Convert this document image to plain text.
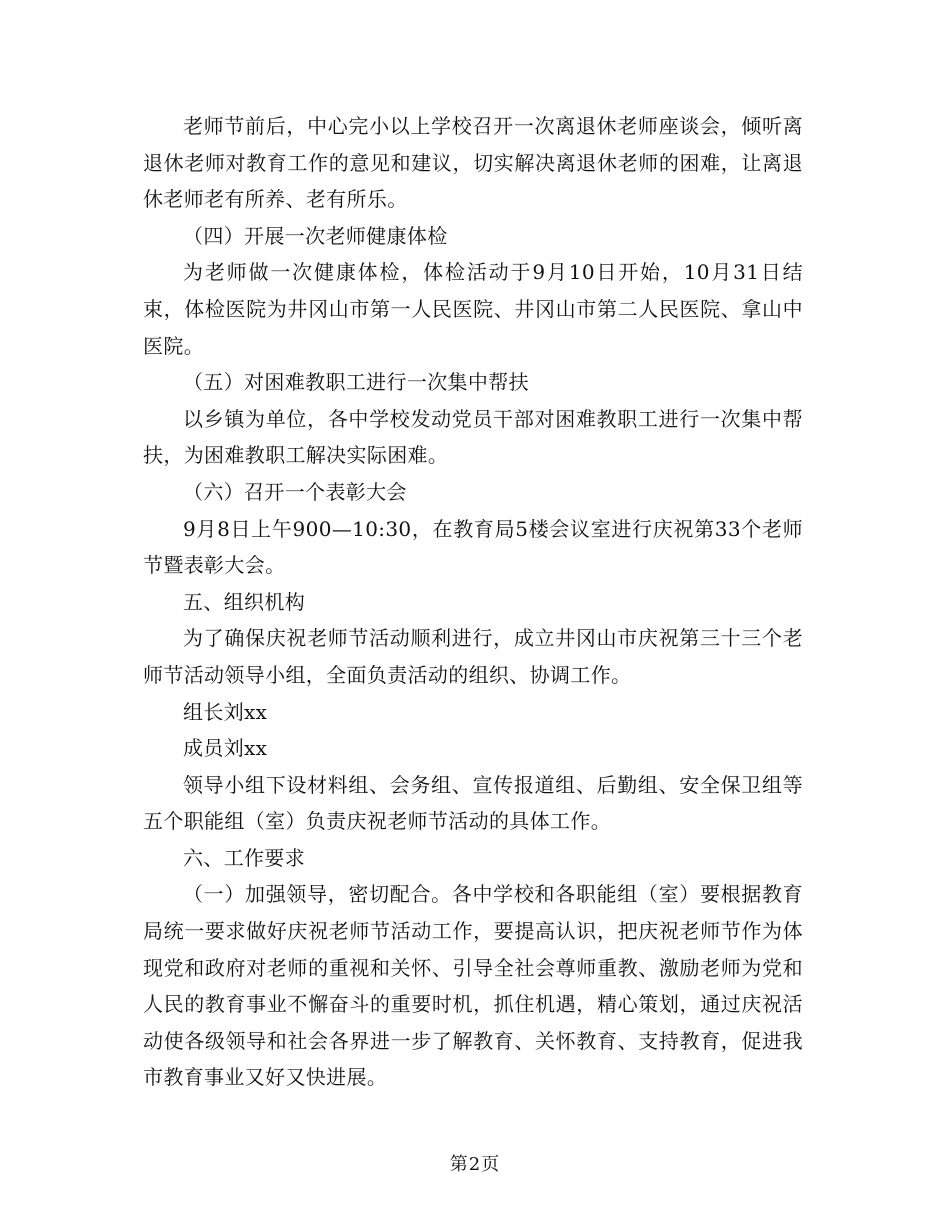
老师节前后，中心完小以上学校召开一次离退休老师座谈会，倾听离退休老师对教育工作的意见和建议，切实解决离退休老师的困难，让离退休老师老有所养、老有所乐。

（四）开展一次老师健康体检

为老师做一次健康体检，体检活动于9月10日开始，10月31日结束，体检医院为井冈山市第一人民医院、井冈山市第二人民医院、拿山中医院。

（五）对困难教职工进行一次集中帮扶

以乡镇为单位，各中学校发动党员干部对困难教职工进行一次集中帮扶，为困难教职工解决实际困难。

（六）召开一个表彰大会

9月8日上午900—10:30，在教育局5楼会议室进行庆祝第33个老师节暨表彰大会。

五、组织机构

为了确保庆祝老师节活动顺利进行，成立井冈山市庆祝第三十三个老师节活动领导小组，全面负责活动的组织、协调工作。

组长刘xx

成员刘xx

领导小组下设材料组、会务组、宣传报道组、后勤组、安全保卫组等五个职能组（室）负责庆祝老师节活动的具体工作。

六、工作要求

（一）加强领导，密切配合。各中学校和各职能组（室）要根据教育局统一要求做好庆祝老师节活动工作，要提高认识，把庆祝老师节作为体现党和政府对老师的重视和关怀、引导全社会尊师重教、激励老师为党和人民的教育事业不懈奋斗的重要时机，抓住机遇，精心策划，通过庆祝活动使各级领导和社会各界进一步了解教育、关怀教育、支持教育，促进我市教育事业又好又快进展。

第2页
